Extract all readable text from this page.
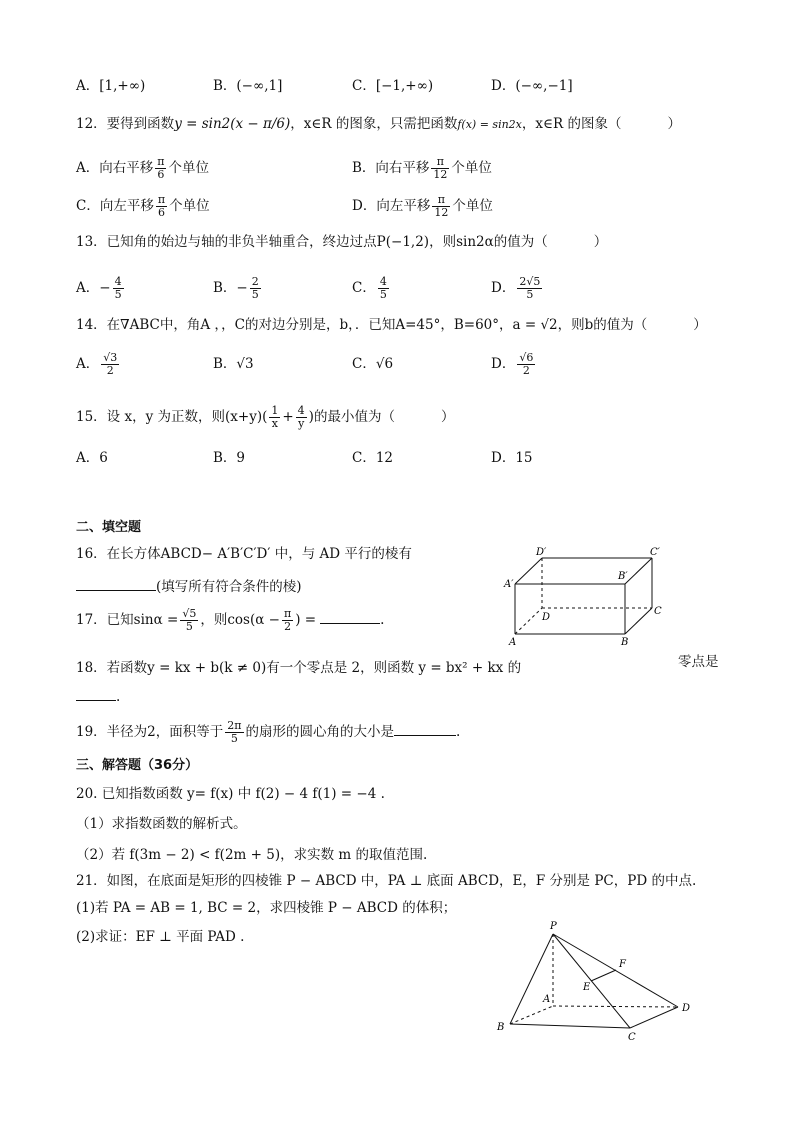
A．[1,+∞)	B．(−∞,1]	C．[−1,+∞)	D．(−∞,−1]
12．要得到函数y = sin2(x − π/6)，x∈R 的图象，只需把函数f(x) = sin2x，x∈R 的图象（	）
A．向右平移 $\frac{\pi}{6}$ 个单位	B．向右平移 $\frac{\pi}{12}$ 个单位
C．向左平移 $\frac{\pi}{6}$ 个单位	D．向左平移 $\frac{\pi}{12}$ 个单位
13．已知角的始边与轴的非负半轴重合，终边过点P(−1,2)，则sin2α的值为（	）
A．− $\frac{4}{5}$	B．− $\frac{2}{5}$	C． $\frac{4}{5}$	D． $\frac{2√5}{5}$
14．在∇ABC中，角A ，，C的对边分别是，b，．已知A=45°，B=60°，a = √2，则b的值为（	）
A． $\frac{√3}{2}$	B．√3	C．√6	D． $\frac{√6}{2}$
15．设 x，y 为正数，则$(x+y)( \frac{1}{x} + \frac{4}{y}$ )的最小值为（	）
A．6	B．9	C．12	D．15
二、填空题
16．在长方体ABCD− A′B′C′D′ 中，与 AD 平行的棱有
(填写所有符合条件的棱)
A	B
C
D
A′
B′
C′
D′
17．已知$\sin\alpha = \frac{√5}{5}$ ，则$\cos(\alpha - \frac{\pi}{2}$ ) =	.
18．若函数y = kx + b(k ≠ 0)有一个零点是 2，则函数 y = bx² + kx 的	零点是
.
19．半径为2，面积等于 $\frac{2\pi}{5}$ 的扇形的圆心角的大小是	.
三、解答题（36分）
20. 已知指数函数 y= f(x) 中 f(2) − 4 f(1) = −4 .
（1）求指数函数的解析式。
（2）若 f(3m − 2) < f(2m + 5)，求实数 m 的取值范围.
21．如图，在底面是矩形的四棱锥 P − ABCD 中，PA ⊥ 底面 ABCD，E，F 分别是 PC，PD 的中点.
(1)若 PA = AB = 1, BC = 2，求四棱锥 P − ABCD 的体积；
(2)求证：EF ⊥ 平面 PAD .
P
A
B
C
D
E
F
